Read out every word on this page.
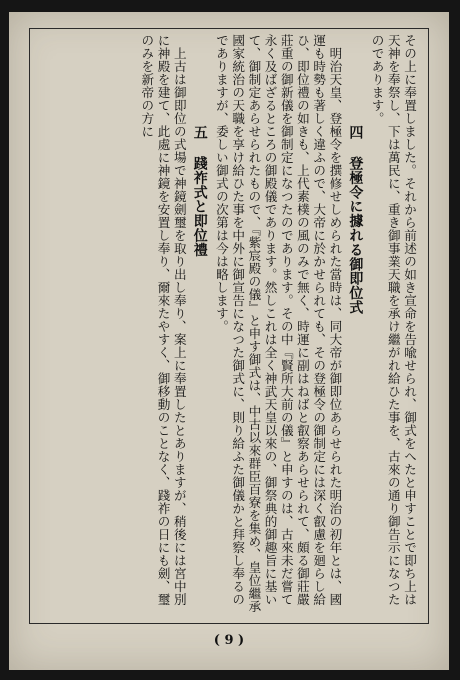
その上に奉置しました。それから前述の如き宣命を告喩せられ、御式をへたと申すことで即ち上は天神を奉祭し、下は萬民に、重き御事業天職を承け繼がれ給ひた事を、古來の通り御告示になつたのであります。
四登極令に據れる御即位式
明治天皇、登極令を撰修せしめられた當時は、同大帝が御即位あらせられた明治の初年とは、國運も時勢も著しく違ふので、大帝に於かせられても、その登極令の御制定には深く叡慮を廻らし給ひ、即位禮の如きも、上代素樸の風のみで無く、時運に副はねばと叡察あらせられて、頗る御莊嚴莊重の御新儀を御制定になつたのであります。その中『賢所大前の儀』と申すのは、古來未だ嘗て永く及ばざるところの御殿儀であります。然しこれは全く神武天皇以來の、御祭典的御趣旨に基いて、御制定あらせられたもので、『紫宸殿の儀』と申す御式は、中古以來群臣百寮を集め、皇位繼承國家統治の天職を享け給ひた事を中外に御宣告になつた御式に、則り給ふた御儀かと拜察し奉るのでありますが、委しい御式の次第は今は略します。
五踐祚式と即位禮
上古は御即位の式場で神鏡劍璽を取り出し奉り、案上に奉置したとありますが、稍後には宮中別に神殿を建て、此處に神鏡を安置し奉り、爾來たやすく、御移動のことなく、踐祚の日にも劍、璽のみを新帝の方に
( 9 )
